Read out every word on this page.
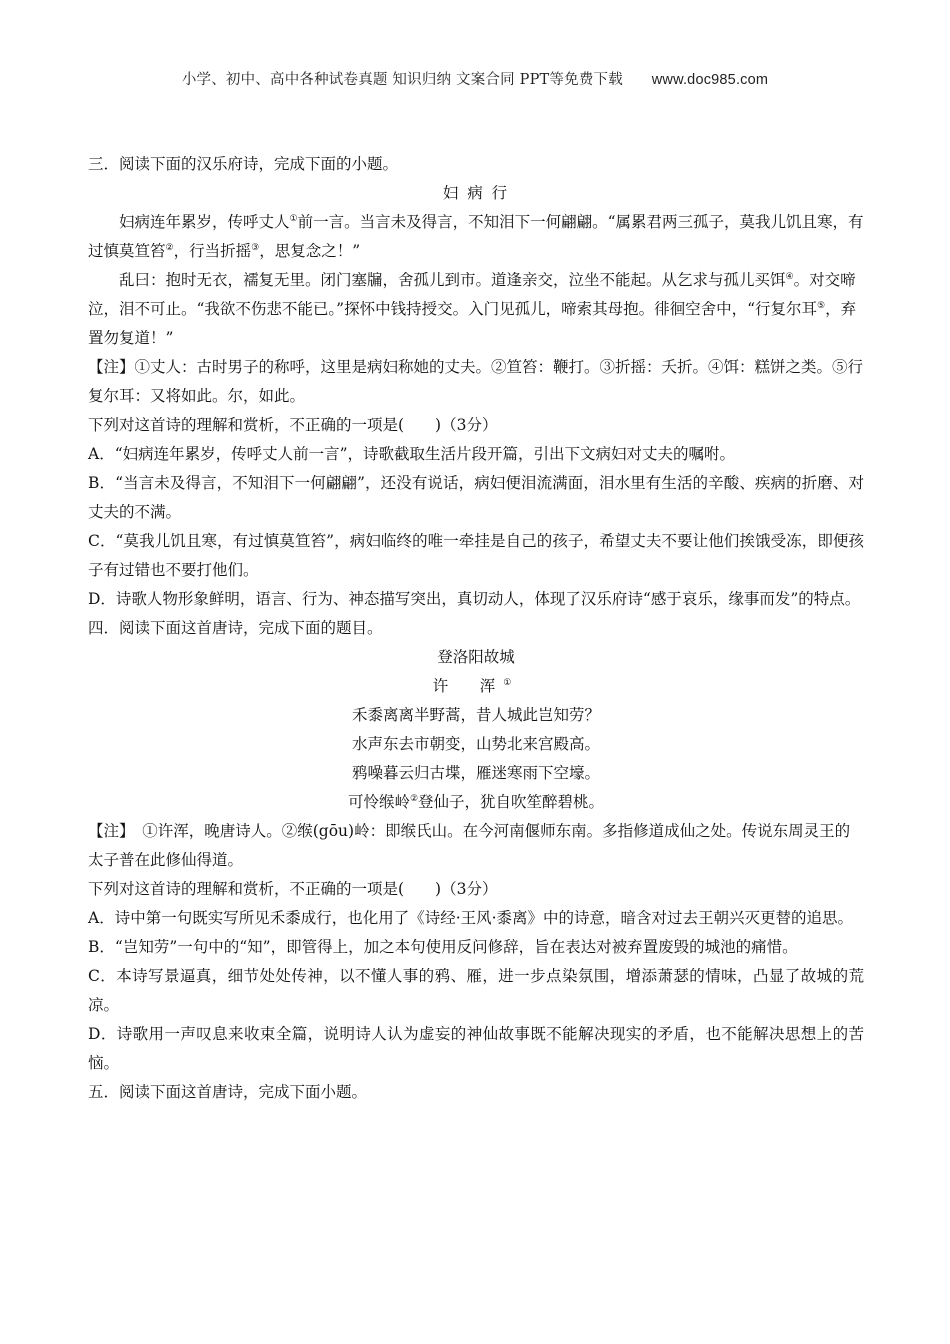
小学、初中、高中各种试卷真题 知识归纳 文案合同 PPT等免费下载 www.doc985.com

三．阅读下面的汉乐府诗，完成下面的小题。

妇 病 行

妇病连年累岁，传呼丈人①前一言。当言未及得言，不知泪下一何翩翩。“属累君两三孤子，莫我儿饥且寒，有过慎莫笪笞②，行当折摇③，思复念之！”

乱曰：抱时无衣，襦复无里。闭门塞牖，舍孤儿到市。道逢亲交，泣坐不能起。从乞求与孤儿买饵④。对交啼泣，泪不可止。“我欲不伤悲不能已。”探怀中钱持授交。入门见孤儿，啼索其母抱。徘徊空舍中，“行复尔耳⑤，弃置勿复道！”

【注】①丈人：古时男子的称呼，这里是病妇称她的丈夫。②笪笞：鞭打。③折摇：夭折。④饵：糕饼之类。⑤行复尔耳：又将如此。尔，如此。

下列对这首诗的理解和赏析，不正确的一项是(　　)（3分）

A．“妇病连年累岁，传呼丈人前一言”，诗歌截取生活片段开篇，引出下文病妇对丈夫的嘱咐。

B．“当言未及得言，不知泪下一何翩翩”，还没有说话，病妇便泪流满面，泪水里有生活的辛酸、疾病的折磨、对丈夫的不满。

C．“莫我儿饥且寒，有过慎莫笪笞”，病妇临终的唯一牵挂是自己的孩子，希望丈夫不要让他们挨饿受冻，即便孩子有过错也不要打他们。

D．诗歌人物形象鲜明，语言、行为、神态描写突出，真切动人，体现了汉乐府诗“感于哀乐，缘事而发”的特点。

四．阅读下面这首唐诗，完成下面的题目。

登洛阳故城

许　浑①

禾黍离离半野蒿，昔人城此岂知劳？

水声东去市朝变，山势北来宫殿高。

鸦噪暮云归古堞，雁迷寒雨下空壕。

可怜缑岭②登仙子，犹自吹笙醉碧桃。

【注】　①许浑，晚唐诗人。②缑(gōu)岭：即缑氏山。在今河南偃师东南。多指修道成仙之处。传说东周灵王的太子普在此修仙得道。

下列对这首诗的理解和赏析，不正确的一项是(　　)（3分）

A．诗中第一句既实写所见禾黍成行，也化用了《诗经·王风·黍离》中的诗意，暗含对过去王朝兴灭更替的追思。

B．“岂知劳”一句中的“知”，即管得上，加之本句使用反问修辞，旨在表达对被弃置废毁的城池的痛惜。

C．本诗写景逼真，细节处处传神，以不懂人事的鸦、雁，进一步点染氛围，增添萧瑟的情味，凸显了故城的荒凉。

D．诗歌用一声叹息来收束全篇，说明诗人认为虚妄的神仙故事既不能解决现实的矛盾，也不能解决思想上的苦恼。

五．阅读下面这首唐诗，完成下面小题。
